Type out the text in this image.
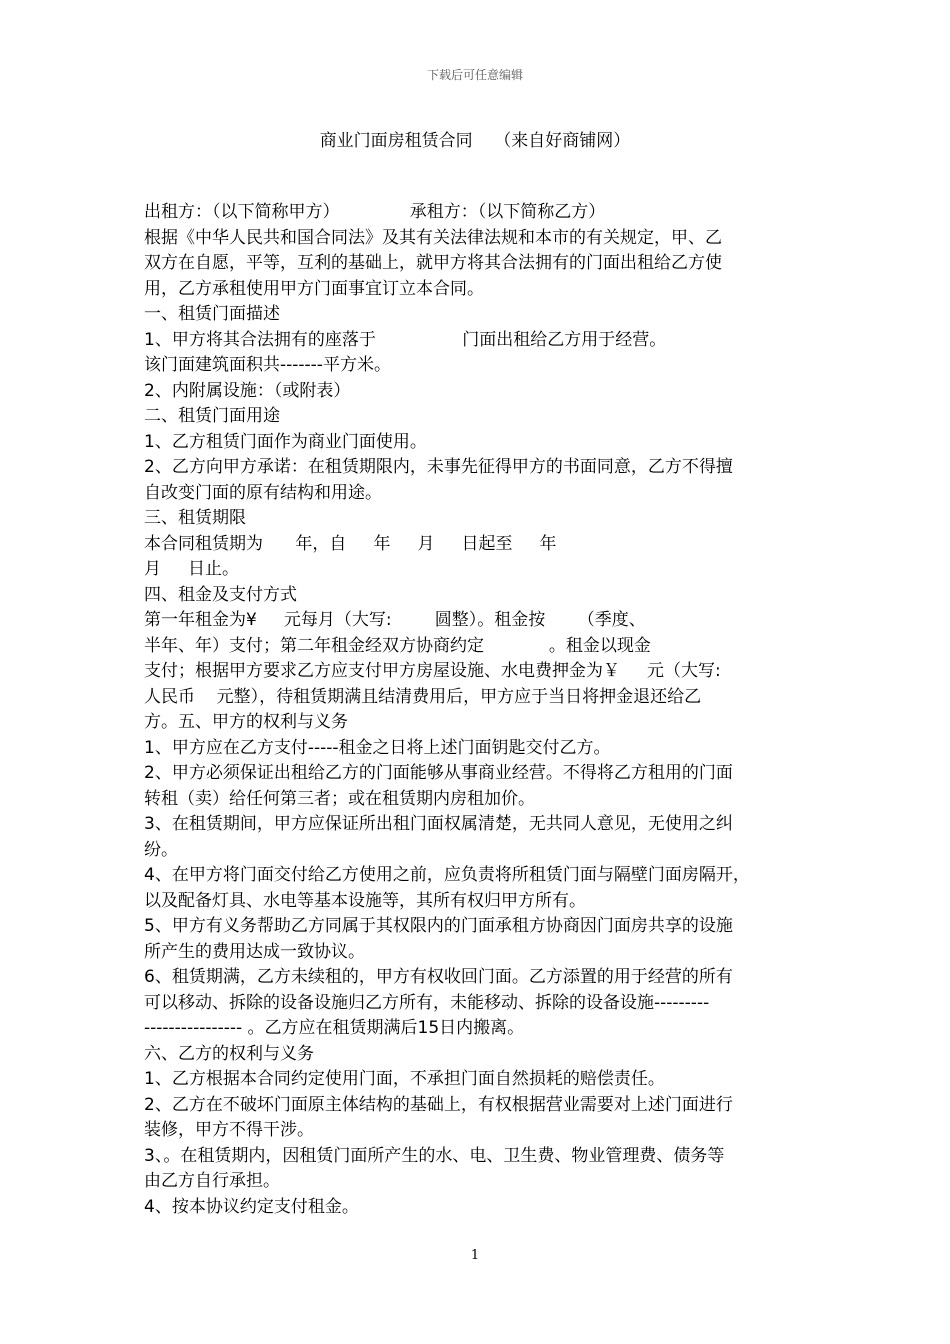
下载后可任意编辑
商业门面房租赁合同    （来自好商铺网）
出租方：（以下简称甲方）             承租方：（以下简称乙方）
根据《中华人民共和国合同法》及其有关法律法规和本市的有关规定，甲、乙
双方在自愿，平等，互利的基础上，就甲方将其合法拥有的门面出租给乙方使
用，乙方承租使用甲方门面事宜订立本合同。
一、租赁门面描述
1、甲方将其合法拥有的座落于                门面出租给乙方用于经营。
该门面建筑面积共-------平方米。
2、内附属设施：（或附表）
二、租赁门面用途
1、乙方租赁门面作为商业门面使用。
2、乙方向甲方承诺：在租赁期限内，未事先征得甲方的书面同意，乙方不得擅
自改变门面的原有结构和用途。
三、租赁期限
本合同租赁期为      年，自     年     月     日起至     年
月     日止。
四、租金及支付方式
第一年租金为¥     元每月（大写:        圆整）。租金按      （季度、
半年、年）支付；第二年租金经双方协商约定            。租金以现金
支付；根据甲方要求乙方应支付甲方房屋设施、水电费押金为￥     元（大写:
人民币    元整），待租赁期满且结清费用后，甲方应于当日将押金退还给乙
方。五、甲方的权利与义务
1、甲方应在乙方支付-----租金之日将上述门面钥匙交付乙方。
2、甲方必须保证出租给乙方的门面能够从事商业经营。不得将乙方租用的门面
转租（卖）给任何第三者；或在租赁期内房租加价。
3、在租赁期间，甲方应保证所出租门面权属清楚，无共同人意见，无使用之纠
纷。
4、在甲方将门面交付给乙方使用之前，应负责将所租赁门面与隔壁门面房隔开，
以及配备灯具、水电等基本设施等，其所有权归甲方所有。
5、甲方有义务帮助乙方同属于其权限内的门面承租方协商因门面房共享的设施
所产生的费用达成一致协议。
6、租赁期满，乙方未续租的，甲方有权收回门面。乙方添置的用于经营的所有
可以移动、拆除的设备设施归乙方所有，未能移动、拆除的设备设施---------
---------------- 。乙方应在租赁期满后15日内搬离。
六、乙方的权利与义务
1、乙方根据本合同约定使用门面，不承担门面自然损耗的赔偿责任。
2、乙方在不破坏门面原主体结构的基础上，有权根据营业需要对上述门面进行
装修，甲方不得干涉。
3、。在租赁期内，因租赁门面所产生的水、电、卫生费、物业管理费、债务等
由乙方自行承担。
4、按本协议约定支付租金。
1
